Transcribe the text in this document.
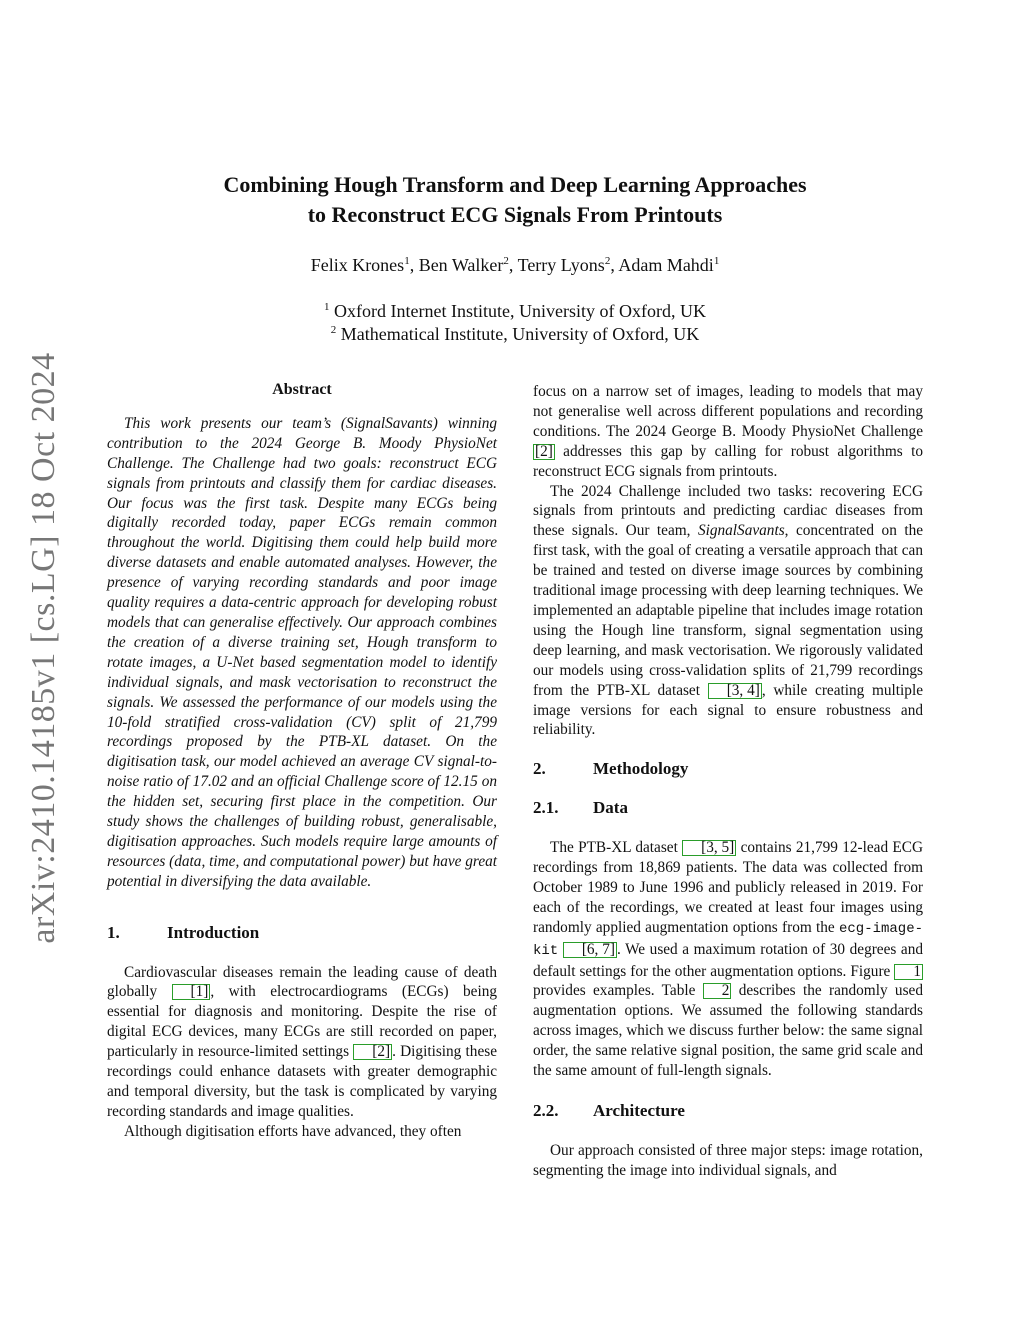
arXiv:2410.14185v1 [cs.LG] 18 Oct 2024
Combining Hough Transform and Deep Learning Approaches
to Reconstruct ECG Signals From Printouts
Felix Krones$^1$, Ben Walker$^2$, Terry Lyons$^2$, Adam Mahdi$^1$
$^1$ Oxford Internet Institute, University of Oxford, UK
$^2$ Mathematical Institute, University of Oxford, UK
Abstract

This work presents our team’s (SignalSavants) winning contribution to the 2024 George B. Moody PhysioNet Challenge. The Challenge had two goals: reconstruct ECG signals from printouts and classify them for cardiac diseases. Our focus was the first task. Despite many ECGs being digitally recorded today, paper ECGs remain common throughout the world. Digitising them could help build more diverse datasets and enable automated analyses. However, the presence of varying recording standards and poor image quality requires a data-centric approach for developing robust models that can generalise effectively. Our approach combines the creation of a diverse training set, Hough transform to rotate images, a U-Net based segmentation model to identify individual signals, and mask vectorisation to reconstruct the signals. We assessed the performance of our models using the 10-fold stratified cross-validation (CV) split of 21,799 recordings proposed by the PTB-XL dataset. On the digitisation task, our model achieved an average CV signal-to-noise ratio of 17.02 and an official Challenge score of 12.15 on the hidden set, securing first place in the competition. Our study shows the challenges of building robust, generalisable, digitisation approaches. Such models require large amounts of resources (data, time, and computational power) but have great potential in diversifying the data available.

1.	Introduction

Cardiovascular diseases remain the leading cause of death globally [1] , with electrocardiograms (ECGs) being essential for diagnosis and monitoring. Despite the rise of digital ECG devices, many ECGs are still recorded on paper, particularly in resource-limited settings [2] . Digitising these recordings could enhance datasets with greater demographic and temporal diversity, but the task is complicated by varying recording standards and image qualities.

Although digitisation efforts have advanced, they often

focus on a narrow set of images, leading to models that may not generalise well across different populations and recording conditions. The 2024 George B. Moody PhysioNet Challenge [2] addresses this gap by calling for robust algorithms to reconstruct ECG signals from printouts.

The 2024 Challenge included two tasks: recovering ECG signals from printouts and predicting cardiac diseases from these signals. Our team, SignalSavants, concentrated on the first task, with the goal of creating a versatile approach that can be trained and tested on diverse image sources by combining traditional image processing with deep learning techniques. We implemented an adaptable pipeline that includes image rotation using the Hough line transform, signal segmentation using deep learning, and mask vectorisation. We rigorously validated our models using cross-validation splits of 21,799 recordings from the PTB-XL dataset [3, 4] , while creating multiple image versions for each signal to ensure robustness and reliability.

2.	Methodology
2.1.	Data

The PTB-XL dataset [3, 5] contains 21,799 12-lead ECG recordings from 18,869 patients. The data was collected from October 1989 to June 1996 and publicly released in 2019. For each of the recordings, we created at least four images using randomly applied augmentation options from the ecg-image-kit [6, 7] . We used a maximum rotation of 30 degrees and default settings for the other augmentation options. Figure 1 provides examples. Table 2 describes the randomly used augmentation options. We assumed the following standards across images, which we discuss further below: the same signal order, the same relative signal position, the same grid scale and the same amount of full-length signals.

2.2.	Architecture

Our approach consisted of three major steps: image rotation, segmenting the image into individual signals, and
